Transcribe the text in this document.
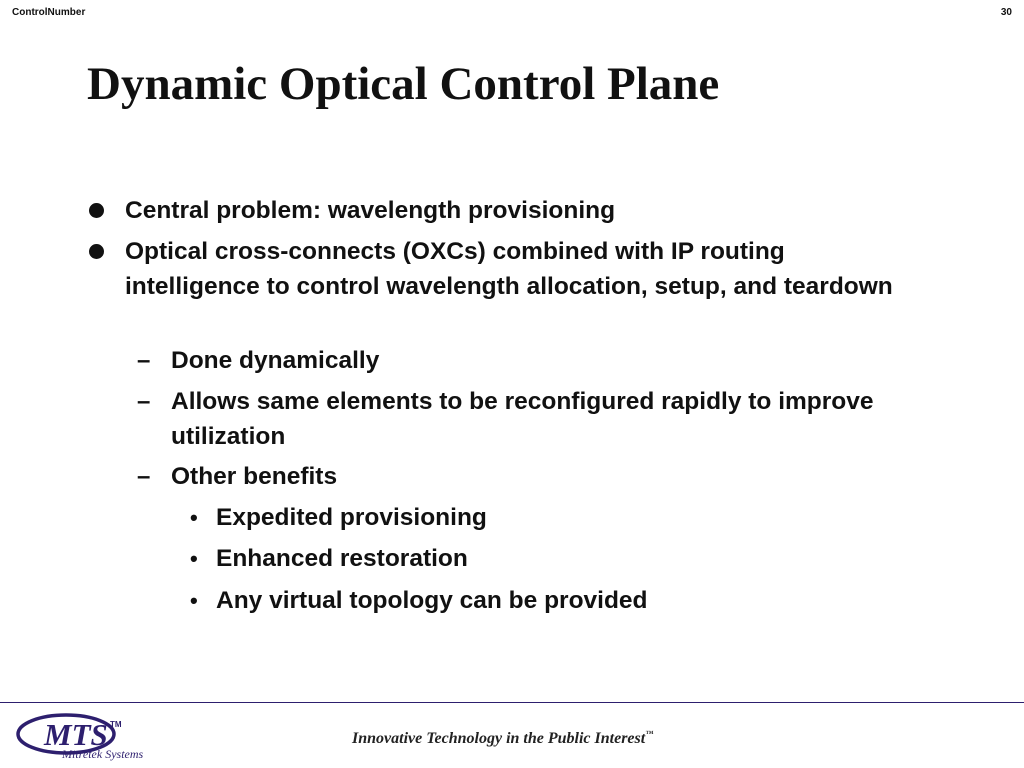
ControlNumber	30
Dynamic Optical Control Plane
Central problem: wavelength provisioning
Optical cross-connects (OXCs) combined with IP routing intelligence to control wavelength allocation, setup, and teardown
– Done dynamically
– Allows same elements to be reconfigured rapidly to improve utilization
– Other benefits
• Expedited provisioning
• Enhanced restoration
• Any virtual topology can be provided
MTS TM
Mitretek Systems
Innovative Technology in the Public Interest™
